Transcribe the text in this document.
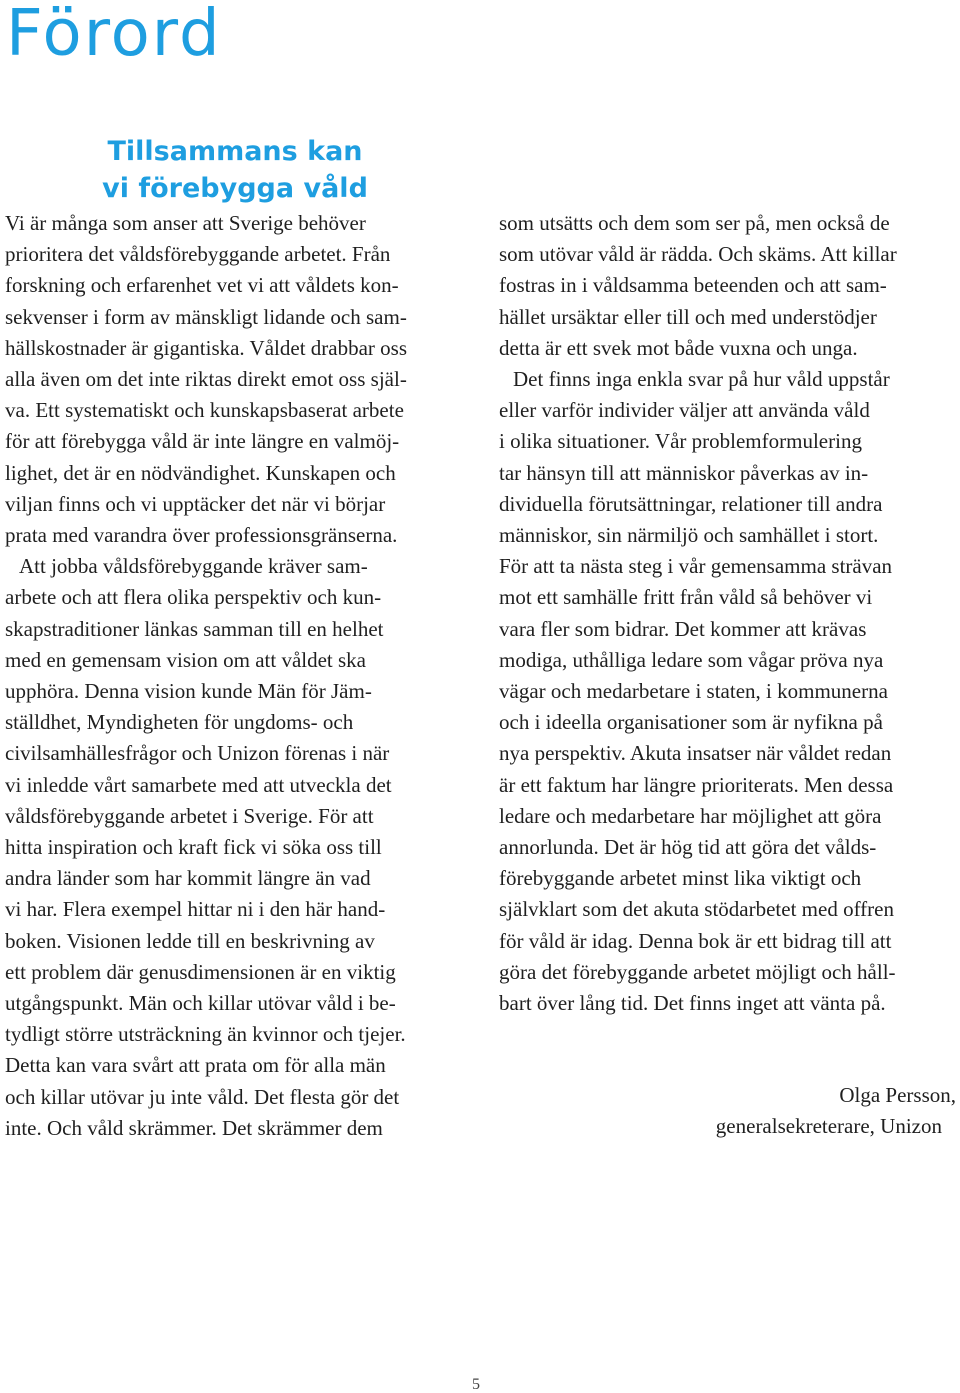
Förord
Tillsammans kan
vi förebygga våld
Vi är många som anser att Sverige behöver
prioritera det våldsförebyggande arbetet. Från
forskning och erfarenhet vet vi att våldets kon-
sekvenser i form av mänskligt lidande och sam-
hällskostnader är gigantiska. Våldet drabbar oss
alla även om det inte riktas direkt emot oss själ-
va. Ett systematiskt och kunskapsbaserat arbete
för att förebygga våld är inte längre en valmöj-
lighet, det är en nödvändighet. Kunskapen och
viljan finns och vi upptäcker det när vi börjar
prata med varandra över professionsgränserna.
Att jobba våldsförebyggande kräver sam-
arbete och att flera olika perspektiv och kun-
skapstraditioner länkas samman till en helhet
med en gemensam vision om att våldet ska
upphöra. Denna vision kunde Män för Jäm-
ställdhet, Myndigheten för ungdoms- och
civilsamhällesfrågor och Unizon förenas i när
vi inledde vårt samarbete med att utveckla det
våldsförebyggande arbetet i Sverige. För att
hitta inspiration och kraft fick vi söka oss till
andra länder som har kommit längre än vad
vi har. Flera exempel hittar ni i den här hand-
boken. Visionen ledde till en beskrivning av
ett problem där genusdimensionen är en viktig
utgångspunkt. Män och killar utövar våld i be-
tydligt större utsträckning än kvinnor och tjejer.
Detta kan vara svårt att prata om för alla män
och killar utövar ju inte våld. Det flesta gör det
inte. Och våld skrämmer. Det skrämmer dem
som utsätts och dem som ser på, men också de
som utövar våld är rädda. Och skäms. Att killar
fostras in i våldsamma beteenden och att sam-
hället ursäktar eller till och med understödjer
detta är ett svek mot både vuxna och unga.
Det finns inga enkla svar på hur våld uppstår
eller varför individer väljer att använda våld
i olika situationer. Vår problemformulering
tar hänsyn till att människor påverkas av in-
dividuella förutsättningar, relationer till andra
människor, sin närmiljö och samhället i stort.
För att ta nästa steg i vår gemensamma strävan
mot ett samhälle fritt från våld så behöver vi
vara fler som bidrar. Det kommer att krävas
modiga, uthålliga ledare som vågar pröva nya
vägar och medarbetare i staten, i kommunerna
och i ideella organisationer som är nyfikna på
nya perspektiv. Akuta insatser när våldet redan
är ett faktum har längre prioriterats. Men dessa
ledare och medarbetare har möjlighet att göra
annorlunda. Det är hög tid att göra det vålds-
förebyggande arbetet minst lika viktigt och
självklart som det akuta stödarbetet med offren
för våld är idag. Denna bok är ett bidrag till att
göra det förebyggande arbetet möjligt och håll-
bart över lång tid. Det finns inget att vänta på.
Olga Persson,
generalsekreterare, Unizon
5
